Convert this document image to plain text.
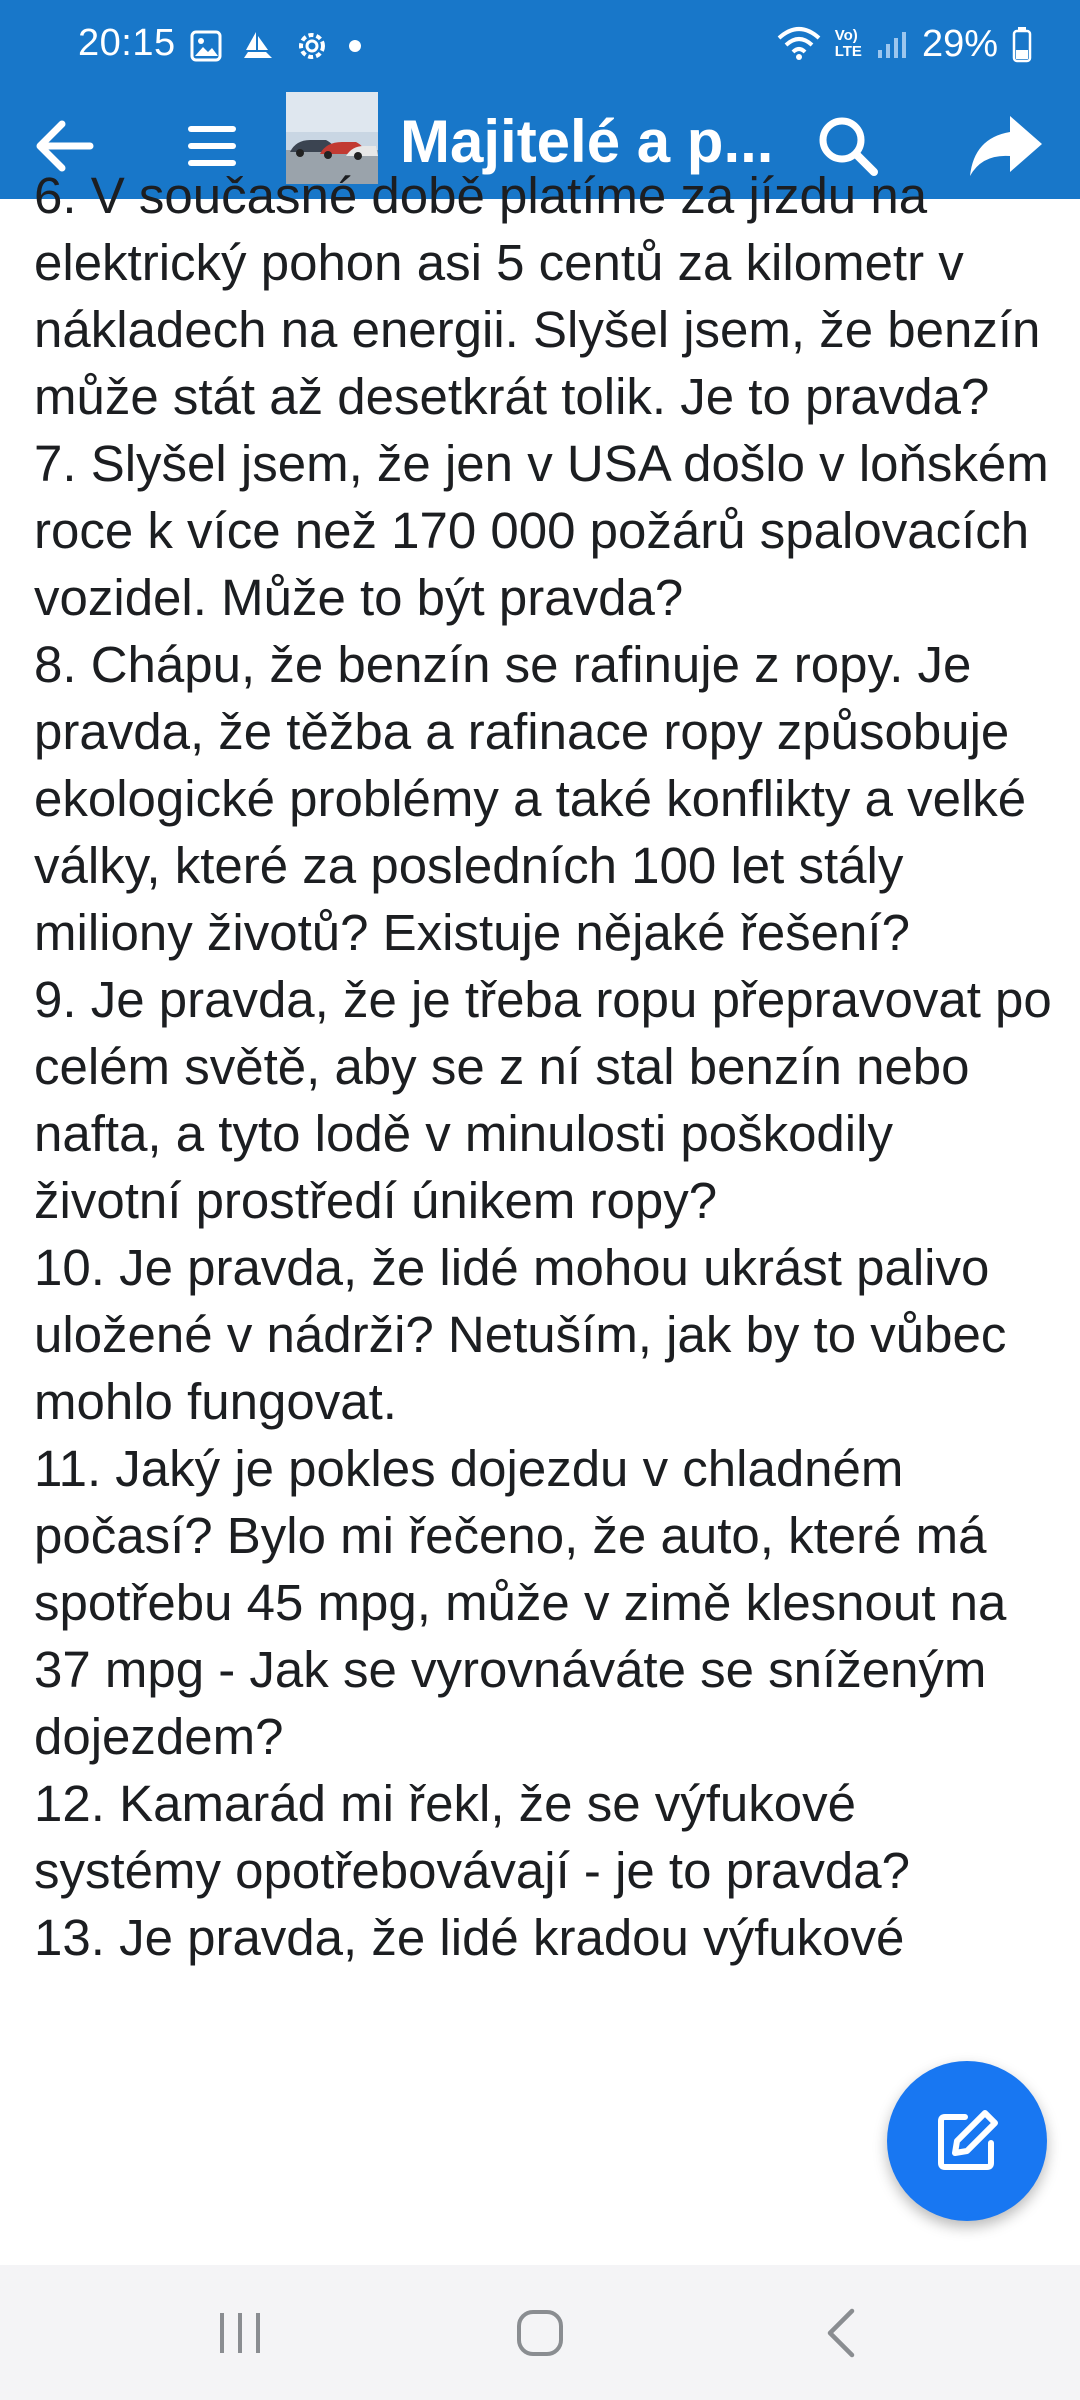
20:15	Vo)
LTE 29%
Majitelé a p...

6. V současné době platíme za jízdu na elektrický pohon asi 5 centů za kilometr v nákladech na energii. Slyšel jsem, že benzín může stát až desetkrát tolik. Je to pravda?

7. Slyšel jsem, že jen v USA došlo v loňském roce k více než 170 000 požárů spalovacích vozidel. Může to být pravda?

8. Chápu, že benzín se rafinuje z ropy. Je pravda, že těžba a rafinace ropy způsobuje ekologické problémy a také konflikty a velké války, které za posledních 100 let stály miliony životů? Existuje nějaké řešení?

9. Je pravda, že je třeba ropu přepravovat po celém světě, aby se z ní stal benzín nebo nafta, a tyto lodě v minulosti poškodily životní prostředí únikem ropy?

10. Je pravda, že lidé mohou ukrást palivo uložené v nádrži? Netuším, jak by to vůbec mohlo fungovat.

11. Jaký je pokles dojezdu v chladném počasí? Bylo mi řečeno, že auto, které má spotřebu 45 mpg, může v zimě klesnout na 37 mpg - Jak se vyrovnáváte se sníženým dojezdem?

12. Kamarád mi řekl, že se výfukové systémy opotřebovávají - je to pravda?

13. Je pravda, že lidé kradou výfukové
